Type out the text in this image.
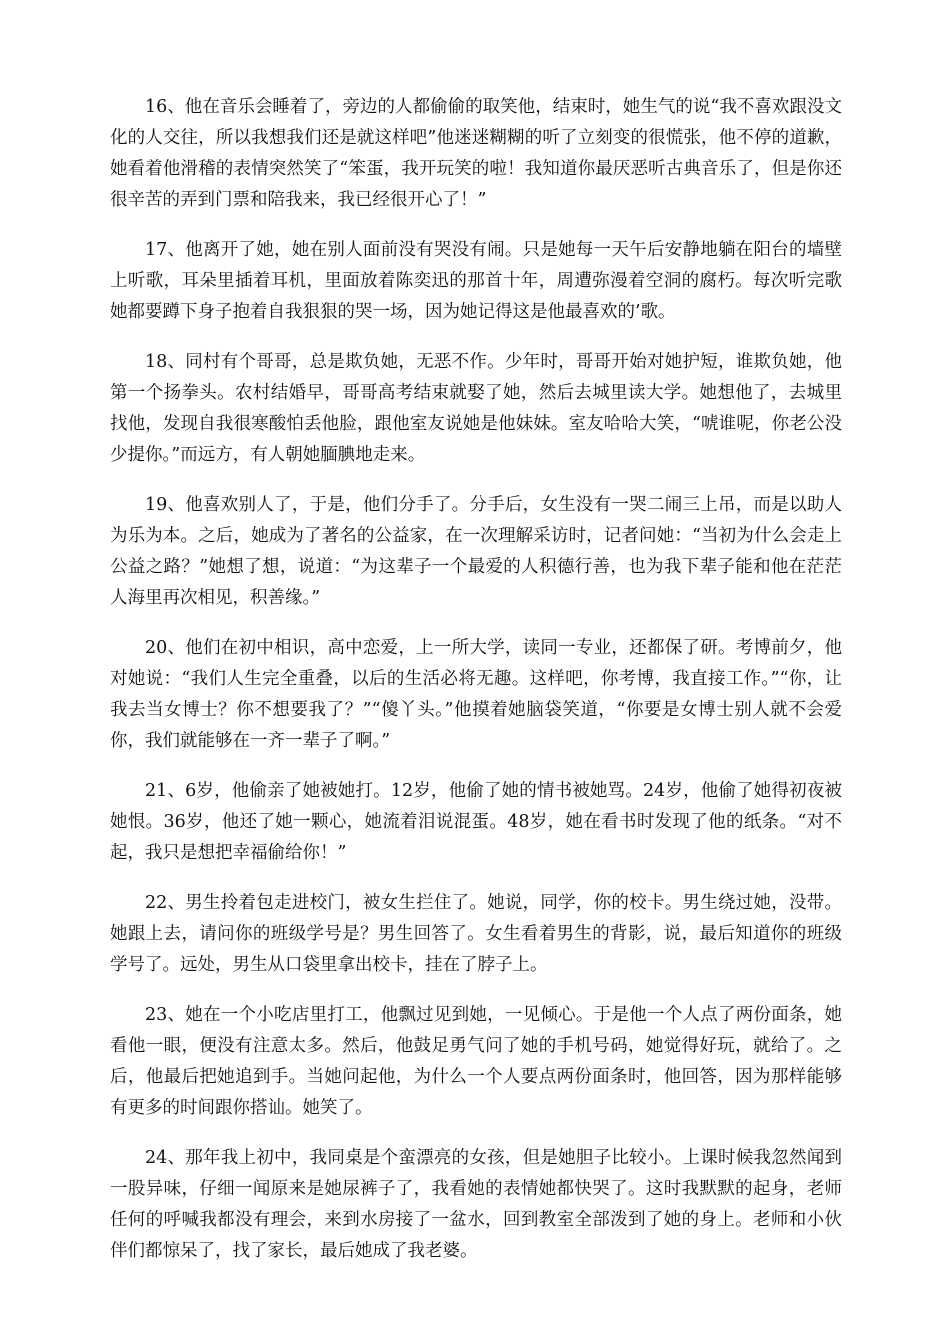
16、他在音乐会睡着了，旁边的人都偷偷的取笑他，结束时，她生气的说“我不喜欢跟没文化的人交往，所以我想我们还是就这样吧”他迷迷糊糊的听了立刻变的很慌张，他不停的道歉，她看着他滑稽的表情突然笑了“笨蛋，我开玩笑的啦！我知道你最厌恶听古典音乐了，但是你还很辛苦的弄到门票和陪我来，我已经很开心了！”

17、他离开了她，她在别人面前没有哭没有闹。只是她每一天午后安静地躺在阳台的墙壁上听歌，耳朵里插着耳机，里面放着陈奕迅的那首十年，周遭弥漫着空洞的腐朽。每次听完歌她都要蹲下身子抱着自我狠狠的哭一场，因为她记得这是他最喜欢的’歌。

18、同村有个哥哥，总是欺负她，无恶不作。少年时，哥哥开始对她护短，谁欺负她，他第一个扬拳头。农村结婚早，哥哥高考结束就娶了她，然后去城里读大学。她想他了，去城里找他，发现自我很寒酸怕丢他脸，跟他室友说她是他妹妹。室友哈哈大笑，“唬谁呢，你老公没少提你。”而远方，有人朝她腼腆地走来。

19、他喜欢别人了，于是，他们分手了。分手后，女生没有一哭二闹三上吊，而是以助人为乐为本。之后，她成为了著名的公益家，在一次理解采访时，记者问她：“当初为什么会走上公益之路？”她想了想，说道：“为这辈子一个最爱的人积德行善，也为我下辈子能和他在茫茫人海里再次相见，积善缘。”

20、他们在初中相识，高中恋爱，上一所大学，读同一专业，还都保了研。考博前夕，他对她说：“我们人生完全重叠，以后的生活必将无趣。这样吧，你考博，我直接工作。”“你，让我去当女博士？你不想要我了？”“傻丫头。”他摸着她脑袋笑道，“你要是女博士别人就不会爱你，我们就能够在一齐一辈子了啊。”

21、6岁，他偷亲了她被她打。12岁，他偷了她的情书被她骂。24岁，他偷了她得初夜被她恨。36岁，他还了她一颗心，她流着泪说混蛋。48岁，她在看书时发现了他的纸条。“对不起，我只是想把幸福偷给你！”

22、男生拎着包走进校门，被女生拦住了。她说，同学，你的校卡。男生绕过她，没带。她跟上去，请问你的班级学号是？男生回答了。女生看着男生的背影，说，最后知道你的班级学号了。远处，男生从口袋里拿出校卡，挂在了脖子上。

23、她在一个小吃店里打工，他飘过见到她，一见倾心。于是他一个人点了两份面条，她看他一眼，便没有注意太多。然后，他鼓足勇气问了她的手机号码，她觉得好玩，就给了。之后，他最后把她追到手。当她问起他，为什么一个人要点两份面条时，他回答，因为那样能够有更多的时间跟你搭讪。她笑了。

24、那年我上初中，我同桌是个蛮漂亮的女孩，但是她胆子比较小。上课时候我忽然闻到一股异味，仔细一闻原来是她尿裤子了，我看她的表情她都快哭了。这时我默默的起身，老师任何的呼喊我都没有理会，来到水房接了一盆水，回到教室全部泼到了她的身上。老师和小伙伴们都惊呆了，找了家长，最后她成了我老婆。
